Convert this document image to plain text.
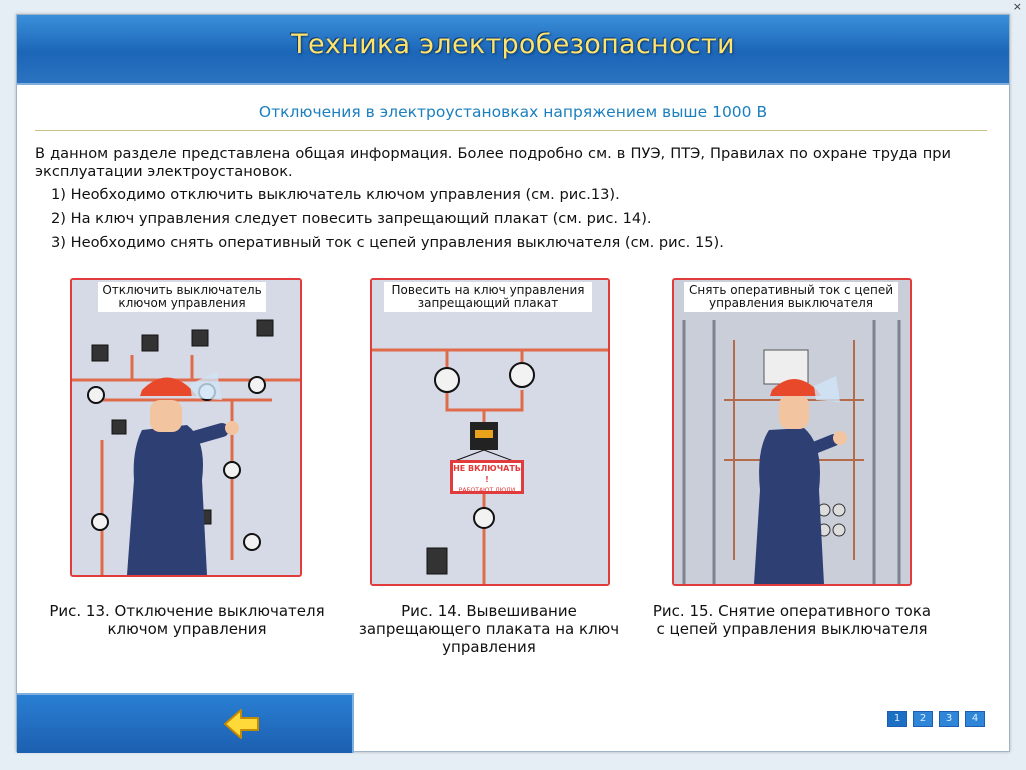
×
Техника электробезопасности
Отключения в электроустановках напряжением выше 1000 В
В данном разделе представлена общая информация. Более подробно см. в ПУЭ, ПТЭ, Правилах по охране труда при эксплуатации электроустановок.
1) Необходимо отключить выключатель ключом управления (см. рис.13).
2) На ключ управления следует повесить запрещающий плакат (см. рис. 14).
3) Необходимо снять оперативный ток с цепей управления выключателя (см. рис. 15).
Отключить выключатель
ключом управления
НЕ ВКЛЮЧАТЬ !
РАБОТАЮТ ЛЮДИ
Повесить на ключ управления
запрещающий плакат
Снять оперативный ток с цепей
управления выключателя
Рис. 13. Отключение выключателя
ключом управления
Рис. 14. Вывешивание
запрещающего плаката на ключ
управления
Рис. 15. Снятие оперативного тока
с цепей управления выключателя
1	2	3	4
